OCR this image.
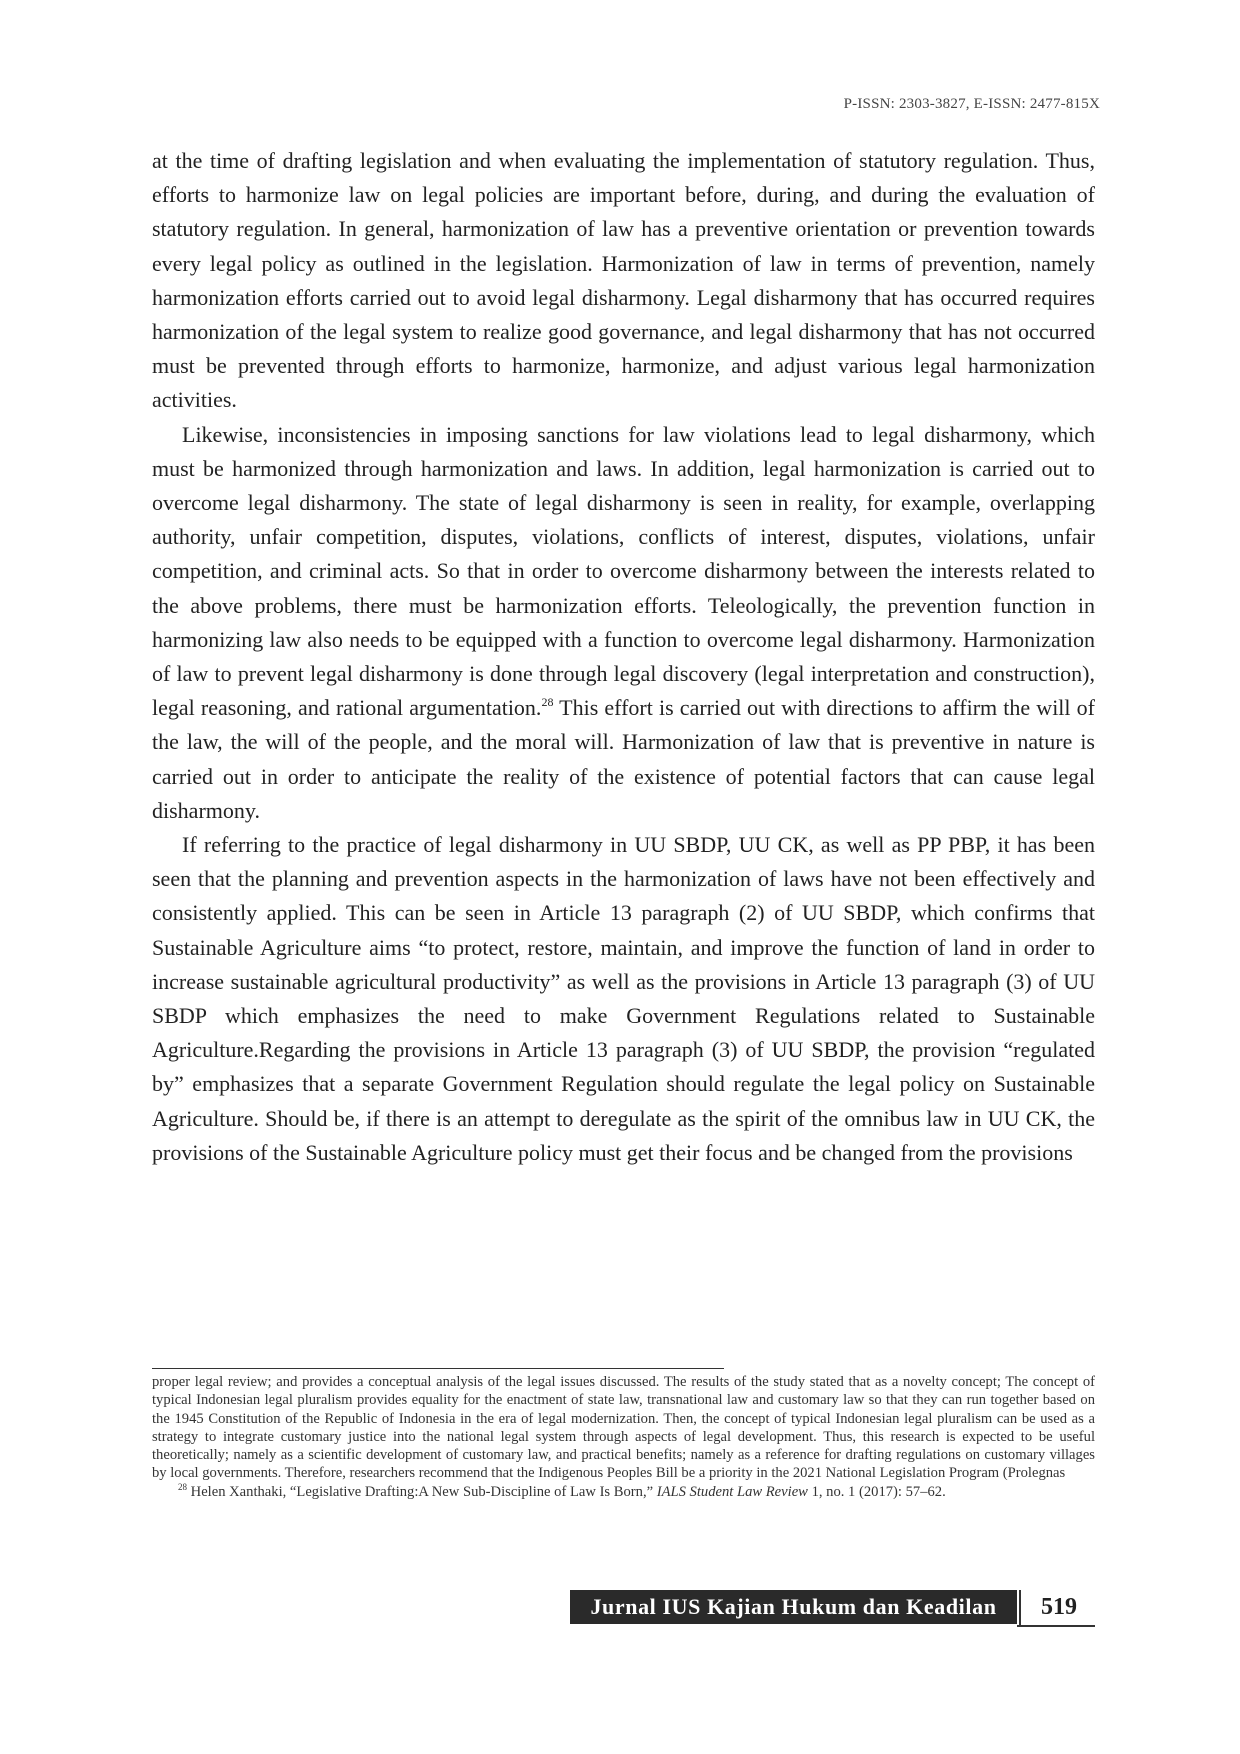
P-ISSN: 2303-3827, E-ISSN: 2477-815X

at the time of drafting legislation and when evaluating the implementation of statutory regulation. Thus, efforts to harmonize law on legal policies are important before, during, and during the evaluation of statutory regulation. In general, harmonization of law has a preventive orientation or prevention towards every legal policy as outlined in the legislation. Harmonization of law in terms of prevention, namely harmonization efforts carried out to avoid legal disharmony. Legal disharmony that has occurred requires harmonization of the legal system to realize good governance, and legal disharmony that has not occurred must be prevented through efforts to harmonize, harmonize, and adjust various legal harmonization activities.

Likewise, inconsistencies in imposing sanctions for law violations lead to legal disharmony, which must be harmonized through harmonization and laws. In addition, legal harmonization is carried out to overcome legal disharmony. The state of legal disharmony is seen in reality, for example, overlapping authority, unfair competition, disputes, violations, conflicts of interest, disputes, violations, unfair competition, and criminal acts. So that in order to overcome disharmony between the interests related to the above problems, there must be harmonization efforts. Teleologically, the prevention function in harmonizing law also needs to be equipped with a function to overcome legal disharmony. Harmonization of law to prevent legal disharmony is done through legal discovery (legal interpretation and construction), legal reasoning, and rational argumentation.$^{28}$ This effort is carried out with directions to affirm the will of the law, the will of the people, and the moral will. Harmonization of law that is preventive in nature is carried out in order to anticipate the reality of the existence of potential factors that can cause legal disharmony.

If referring to the practice of legal disharmony in UU SBDP, UU CK, as well as PP PBP, it has been seen that the planning and prevention aspects in the harmonization of laws have not been effectively and consistently applied. This can be seen in Article 13 paragraph (2) of UU SBDP, which confirms that Sustainable Agriculture aims “to protect, restore, maintain, and improve the function of land in order to increase sustainable agricultural productivity” as well as the provisions in Article 13 paragraph (3) of UU SBDP which emphasizes the need to make Government Regulations related to Sustainable Agriculture.Regarding the provisions in Article 13 paragraph (3) of UU SBDP, the provision “regulated by” emphasizes that a separate Government Regulation should regulate the legal policy on Sustainable Agriculture. Should be, if there is an attempt to deregulate as the spirit of the omnibus law in UU CK, the provisions of the Sustainable Agriculture policy must get their focus and be changed from the provisions

proper legal review; and provides a conceptual analysis of the legal issues discussed. The results of the study stated that as a novelty concept; The concept of typical Indonesian legal pluralism provides equality for the enactment of state law, transnational law and customary law so that they can run together based on the 1945 Constitution of the Republic of Indonesia in the era of legal modernization. Then, the concept of typical Indonesian legal pluralism can be used as a strategy to integrate customary justice into the national legal system through aspects of legal development. Thus, this research is expected to be useful theoretically; namely as a scientific development of customary law, and practical benefits; namely as a reference for drafting regulations on customary villages by local governments. Therefore, researchers recommend that the Indigenous Peoples Bill be a priority in the 2021 National Legislation Program (Prolegnas

$^{28}$ Helen Xanthaki, “Legislative Drafting:A New Sub-Discipline of Law Is Born,” IALS Student Law Review 1, no. 1 (2017): 57–62.

Jurnal IUS Kajian Hukum dan Keadilan	519
